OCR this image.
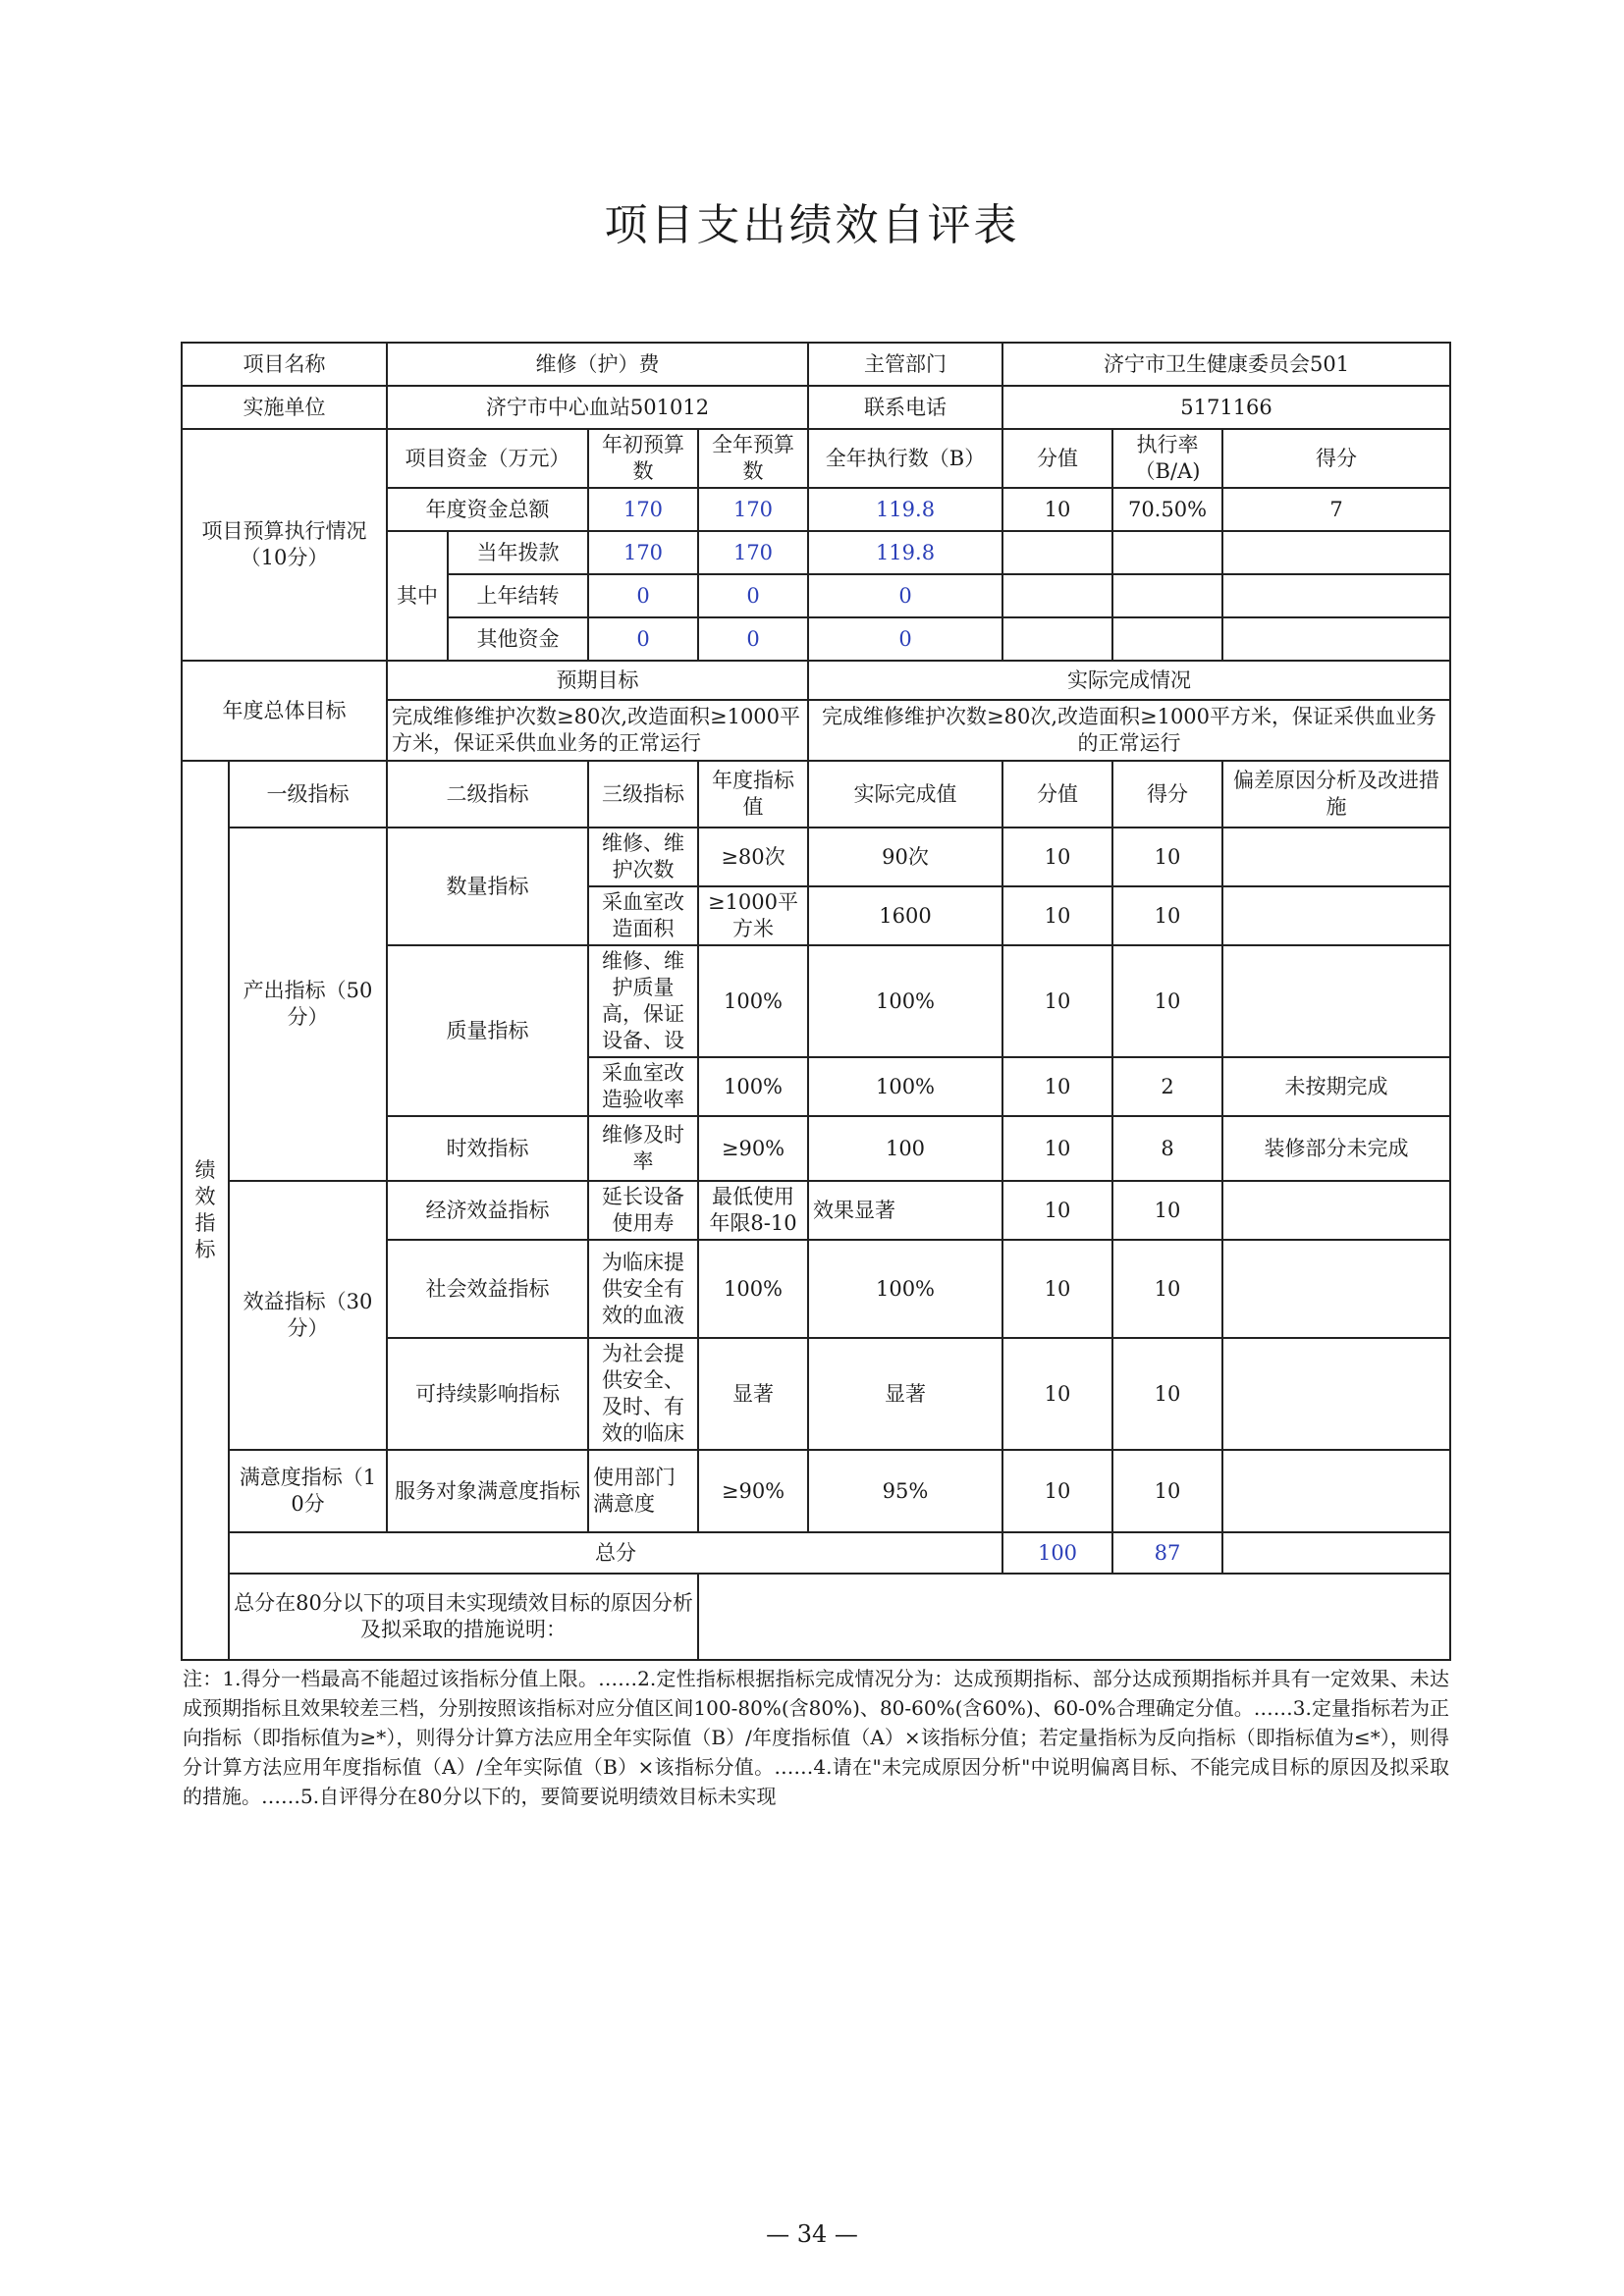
项目支出绩效自评表
项目名称		维修（护）费				主管部门	济宁市卫生健康委员会501		
实施单位		济宁市中心血站501012				联系电话	5171166		
项目预算执行情况（10分）		项目资金（万元）		年初预算数	全年预算数	全年执行数（B）	分值	执行率（B/A)	得分
		年度资金总额		170	170	119.8	10	70.50%	7
		其中	当年拨款	170	170	119.8			
			上年结转	0	0	0			
			其他资金	0	0	0			
年度总体目标		预期目标				实际完成情况			
		完成维修维护次数≥80次,改造面积≥1000平方米，保证采供血业务的正常运行				完成维修维护次数≥80次,改造面积≥1000平方米，保证采供血业务的正常运行			
绩效指标	一级指标	二级指标		三级指标	年度指标值	实际完成值	分值	得分	偏差原因分析及改进措施
	产出指标（50分）	数量指标		维修、维护次数	≥80次	90次	10	10	
				采血室改造面积	≥1000平方米	1600	10	10	
		质量指标		维修、维护质量高，保证设备、设	100%	100%	10	10	
				采血室改造验收率	100%	100%	10	2	未按期完成
		时效指标		维修及时率	≥90%	100	10	8	装修部分未完成
	效益指标（30分）	经济效益指标		延长设备使用寿	最低使用年限8-10	效果显著	10	10	
		社会效益指标		为临床提供安全有效的血液	100%	100%	10	10	
		可持续影响指标		为社会提供安全、及时、有效的临床	显著	显著	10	10	
	满意度指标（10分	服务对象满意度指标		使用部门满意度	≥90%	95%	10	10	
	总分						100	87	
	总分在80分以下的项目未实现绩效目标的原因分析及拟采取的措施说明：								
注：1.得分一档最高不能超过该指标分值上限。……2.定性指标根据指标完成情况分为：达成预期指标、部分达成预期指标并具有一定效果、未达成预期指标且效果较差三档，分别按照该指标对应分值区间100-80%(含80%)、80-60%(含60%)、60-0%合理确定分值。……3.定量指标若为正向指标（即指标值为≥*），则得分计算方法应用全年实际值（B）/年度指标值（A）×该指标分值；若定量指标为反向指标（即指标值为≤*），则得分计算方法应用年度指标值（A）/全年实际值（B）×该指标分值。……4.请在"未完成原因分析"中说明偏离目标、不能完成目标的原因及拟采取的措施。……5.自评得分在80分以下的，要简要说明绩效目标未实现
— 34 —
